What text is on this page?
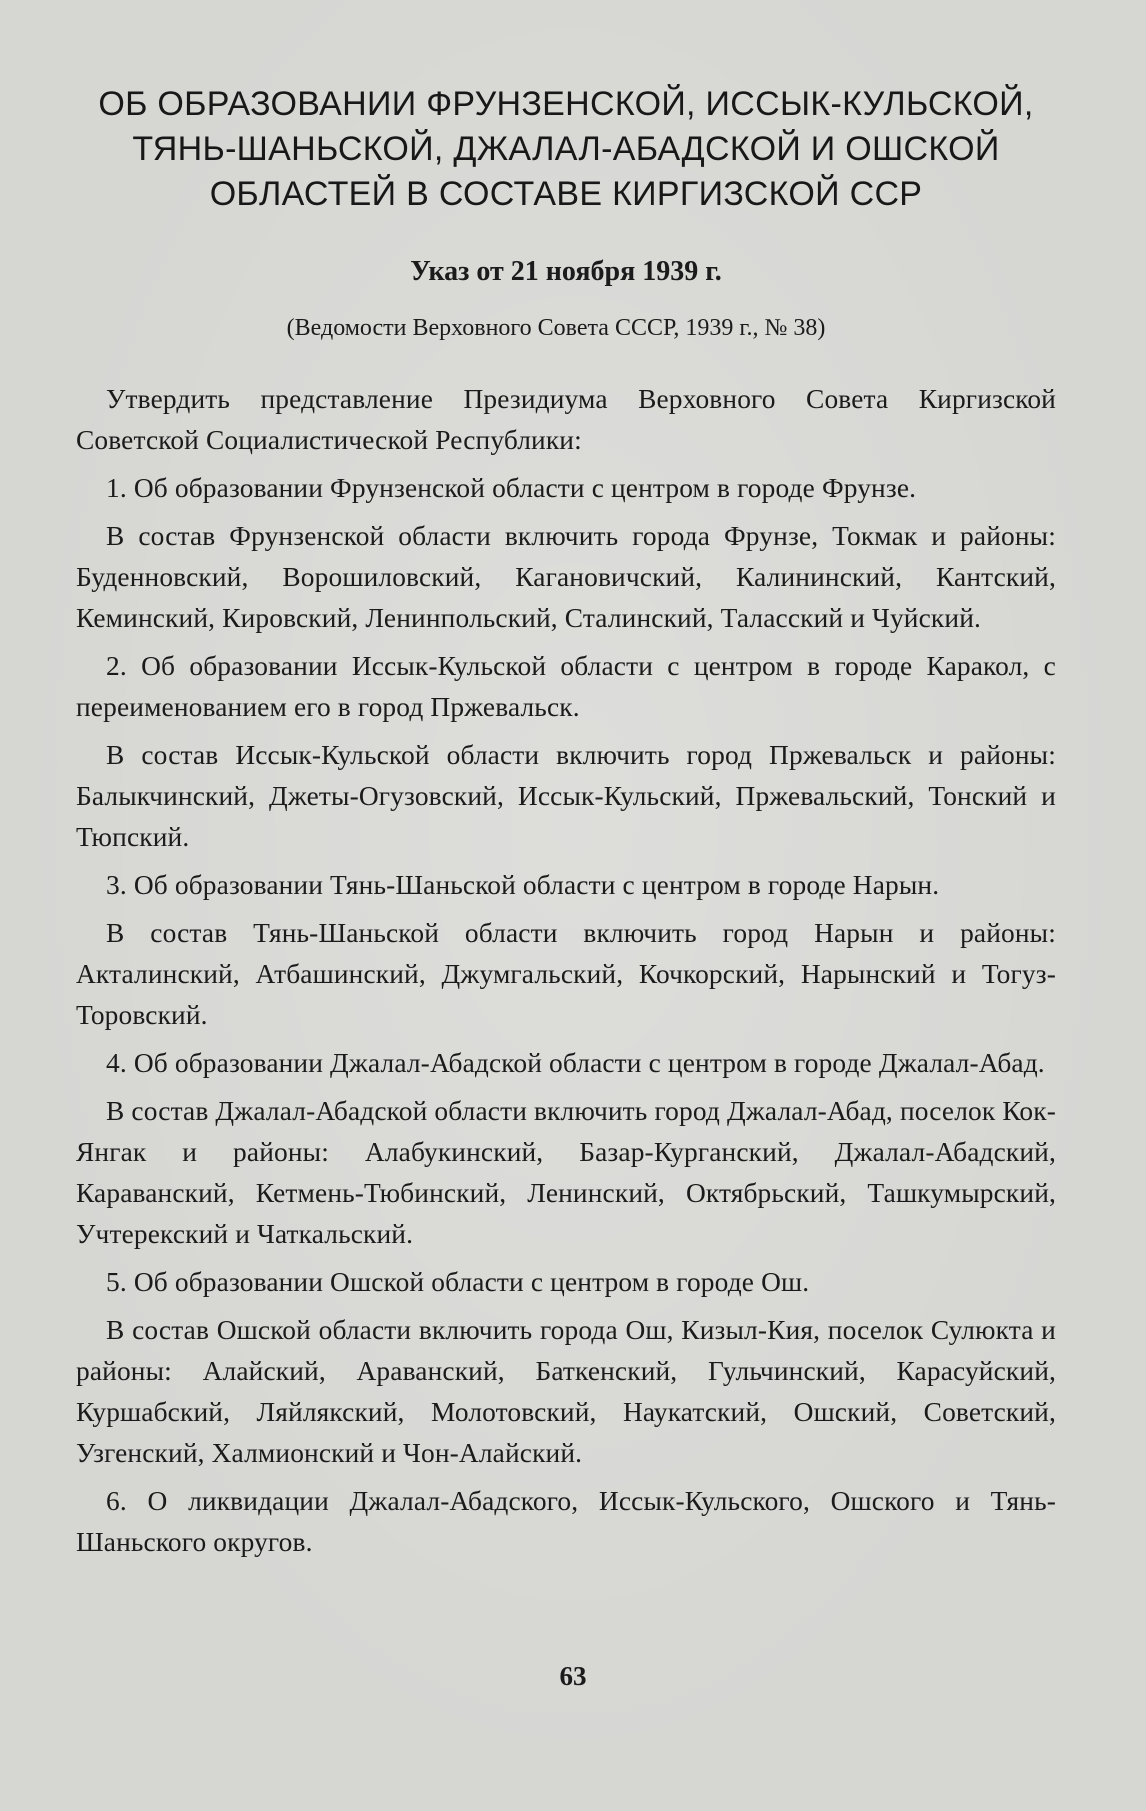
ОБ ОБРАЗОВАНИИ ФРУНЗЕНСКОЙ, ИССЫК-КУЛЬСКОЙ,
ТЯНЬ-ШАНЬСКОЙ, ДЖАЛАЛ-АБАДСКОЙ И ОШСКОЙ
ОБЛАСТЕЙ В СОСТАВЕ КИРГИЗСКОЙ ССР
Указ от 21 ноября 1939 г.
(Ведомости Верховного Совета СССР, 1939 г., № 38)

Утвердить представление Президиума Верховного Совета Киргизской Советской Социалистической Республики:

1. Об образовании Фрунзенской области с центром в городе Фрунзе.

В состав Фрунзенской области включить города Фрунзе, Токмак и районы: Буденновский, Ворошиловский, Кагановичский, Калининский, Кантский, Кеминский, Кировский, Ленинпольский, Сталинский, Таласский и Чуйский.

2. Об образовании Иссык-Кульской области с центром в городе Каракол, с переименованием его в город Пржевальск.

В состав Иссык-Кульской области включить город Пржевальск и районы: Балыкчинский, Джеты-Огузовский, Иссык-Кульский, Пржевальский, Тонский и Тюпский.

3. Об образовании Тянь-Шаньской области с центром в городе Нарын.

В состав Тянь-Шаньской области включить город Нарын и районы: Акталинский, Атбашинский, Джумгальский, Кочкорский, Нарынский и Тогуз-Торовский.

4. Об образовании Джалал-Абадской области с центром в городе Джалал-Абад.

В состав Джалал-Абадской области включить город Джалал-Абад, поселок Кок-Янгак и районы: Алабукинский, Базар-Курганский, Джалал-Абадский, Караванский, Кетмень-Тюбинский, Ленинский, Октябрьский, Ташкумырский, Учтерекский и Чаткальский.

5. Об образовании Ошской области с центром в городе Ош.

В состав Ошской области включить города Ош, Кизыл-Кия, поселок Сулюкта и районы: Алайский, Араванский, Баткенский, Гульчинский, Карасуйский, Куршабский, Ляйлякский, Молотовский, Наукатский, Ошский, Советский, Узгенский, Халмионский и Чон-Алайский.

6. О ликвидации Джалал-Абадского, Иссык-Кульского, Ошского и Тянь-Шаньского округов.

63
